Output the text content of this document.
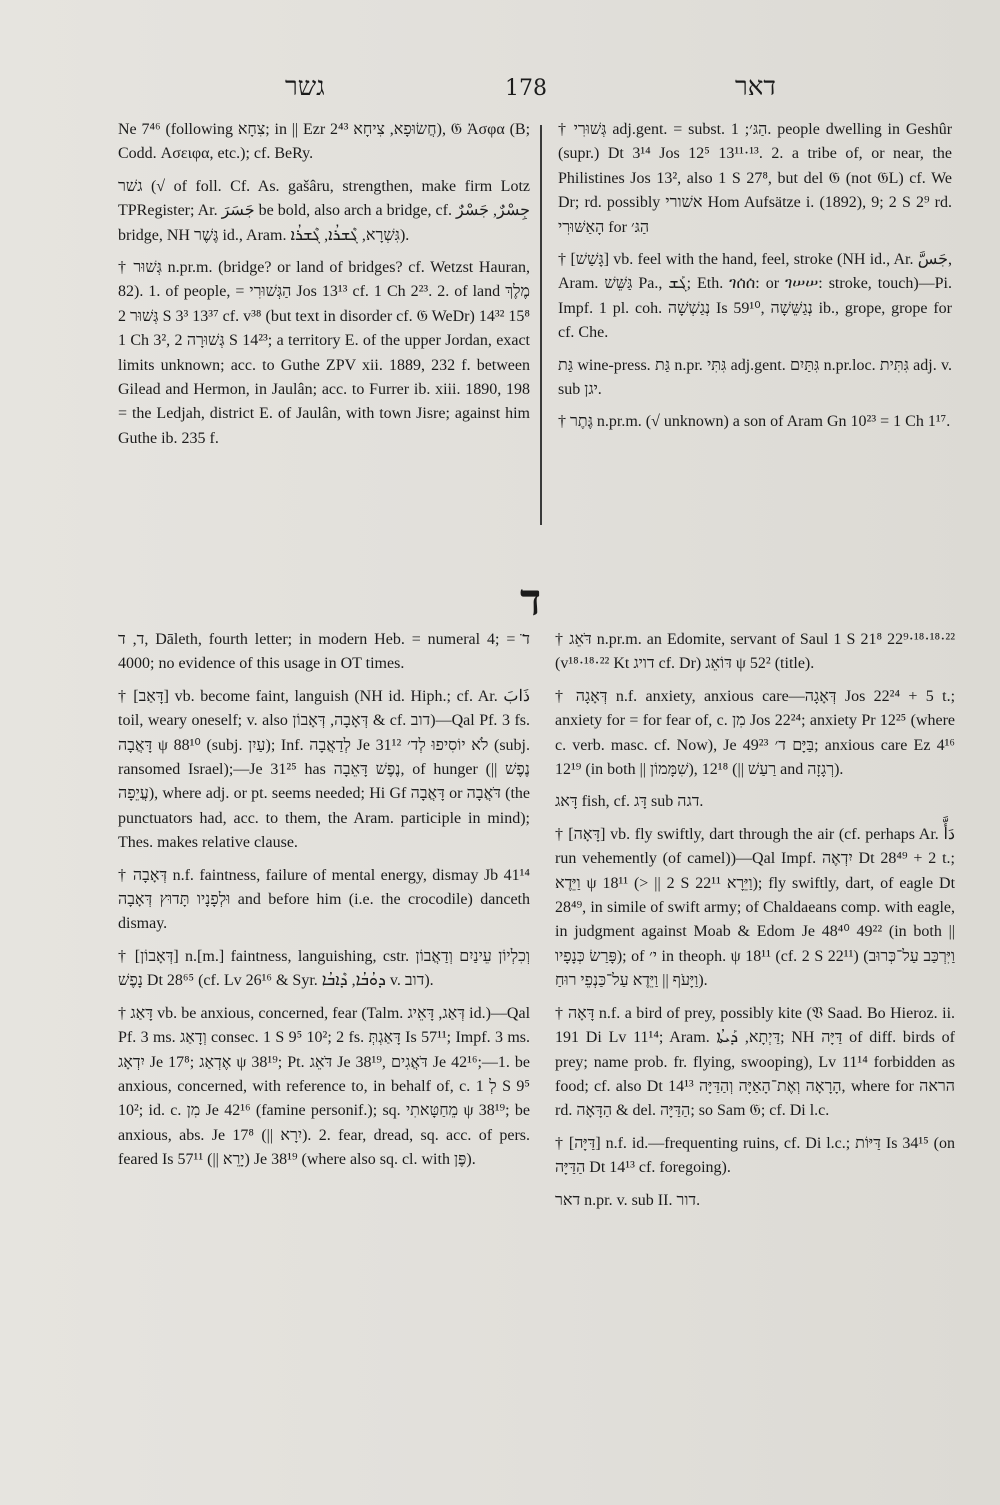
גשר	178	דאר

Ne 7⁴⁶ (following צִחָא; in || Ezr 2⁴³ חֲשׂוּפָא, צִיחָא), 𝔊 Ἀσφα (B; Codd. Ασειφα, etc.); cf. BeRy.

גשׁר (√ of foll. Cf. As. gašâru, strengthen, make firm Lotz TPRegister; Ar. جَسَرَ be bold, also arch a bridge, cf. جِسْرٌ, جَسْرٌ bridge, NH גֶּשֶׁר id., Aram. גִּשְׁרָא, ܓܶܫܪܳܐ, ܓܶܫܪܳܐ).

† גְּשׁוּר n.pr.m. (bridge? or land of bridges? cf. Wetzst Hauran, 82). 1. of people, = הַגְּשׁוּרִי Jos 13¹³ cf. 1 Ch 2²³. 2. of land מֶלֶךְ גְּשׁוּר 2 S 3³ 13³⁷ cf. v³⁸ (but text in disorder cf. 𝔊 WeDr) 14³² 15⁸ 1 Ch 3², גְּשׁוּרָה 2 S 14²³; a territory E. of the upper Jordan, exact limits unknown; acc. to Guthe ZPV xii. 1889, 232 f. between Gilead and Hermon, in Jaulân; acc. to Furrer ib. xiii. 1890, 198 = the Ledjah, district E. of Jaulân, with town Jisre; against him Guthe ib. 235 f.

† גְּשׁוּרִי adj.gent. = subst. הַגּ׳; 1. people dwelling in Geshûr (supr.) Dt 3¹⁴ Jos 12⁵ 13¹¹·¹³. 2. a tribe of, or near, the Philistines Jos 13², also 1 S 27⁸, but del 𝔊 (not 𝔊L) cf. We Dr; rd. possibly אשׁורי Hom Aufsätze i. (1892), 9; 2 S 2⁹ rd. הָאַשּׁוּרִי for הַגּ׳

† [גָּשַׁשׁ] vb. feel with the hand, feel, stroke (NH id., Ar. جَسَّ, Aram. גַּשֵּׁשׁ Pa., ܓܰܫ; Eth. ገሰሰ: or ገሠሠ: stroke, touch)—Pi. Impf. 1 pl. coh. נְגַשְׁשָׁה Is 59¹⁰, נְגַשֵּׁשָׁה ib., grope, grope for cf. Che.

גַּת wine-press. גַּת n.pr. גִּתִּי adj.gent. גִּתַּיִם n.pr.loc. גִּתִּית adj. v. sub יגן.

† גֶּתֶר n.pr.m. (√ unknown) a son of Aram Gn 10²³ = 1 Ch 1¹⁷.

ד

ד, ד, Dāleth, fourth letter; in modern Heb. = numeral 4; ד̈ = 4000; no evidence of this usage in OT times.

† [דָּאַב] vb. become faint, languish (NH id. Hiph.; cf. Ar. ذَابَ toil, weary oneself; v. also דְּאָבָה, דְּאָבוֹן & cf. דוב)—Qal Pf. 3 fs. דָּאֲבָה ψ 88¹⁰ (subj. עַיִן); Inf. לְדַאֲבָה Je 31¹² לֹא יוֹסִיפוּ לְד׳ (subj. ransomed Israel);—Je 31²⁵ has נֶפֶשׁ דָּאֵבָה, of hunger (|| נֶפֶשׁ עֲיֵפָה), where adj. or pt. seems needed; Hi Gf דָּאֲבָה or דֹּאֲבָה (the punctuators had, acc. to them, the Aram. participle in mind); Thes. makes relative clause.

† דְּאָבָה n.f. faintness, failure of mental energy, dismay Jb 41¹⁴ וּלְפָנָיו תָּדוּץ דְּאָבָה and before him (i.e. the crocodile) danceth dismay.

† [דְּאָבוֹן] n.[m.] faintness, languishing, cstr. וְכִלְיוֹן עֵינַיִם וְדַאֲבוֹן נָפֶשׁ Dt 28⁶⁵ (cf. Lv 26¹⁶ & Syr. ܕܘܳܒܳܐ, ܕܶܐܒܳܐ v. דוב).

† דָּאַג vb. be anxious, concerned, fear (Talm. דְּאַג, דָּאֵיג id.)—Qal Pf. 3 ms. וְדָאַג consec. 1 S 9⁵ 10²; 2 fs. דָּאַגְתְּ Is 57¹¹; Impf. 3 ms. יִדְאָג Je 17⁸; אֶדְאַג ψ 38¹⁹; Pt. דֹּאֵג Je 38¹⁹, דֹּאֲגִים Je 42¹⁶;—1. be anxious, concerned, with reference to, in behalf of, c. לְ 1 S 9⁵ 10²; id. c. מִן Je 42¹⁶ (famine personif.); sq. מֵחַטָּאתִי ψ 38¹⁹; be anxious, abs. Je 17⁸ (|| יִרָא). 2. fear, dread, sq. acc. of pers. feared Is 57¹¹ (|| יָרֵא) Je 38¹⁹ (where also sq. cl. with פֶּן).

† דֹּאֵג n.pr.m. an Edomite, servant of Saul 1 S 21⁸ 22⁹·¹⁸·¹⁸·²² (v¹⁸·¹⁸·²² Kt דויג cf. Dr) דּוֹאֵג ψ 52² (title).

† דְּאָגָה n.f. anxiety, anxious care—דְּאָגָה Jos 22²⁴ + 5 t.; anxiety for = for fear of, c. מִן Jos 22²⁴; anxiety Pr 12²⁵ (where c. verb. masc. cf. Now), Je 49²³ בַּיָּם ד׳; anxious care Ez 4¹⁶ 12¹⁹ (in both || שִׁמָּמוֹן), 12¹⁸ (|| רַעַשׁ and רְגָזָה).

דָּאג fish, cf. דָּג sub דגה.

† [דָּאָה] vb. fly swiftly, dart through the air (cf. perhaps Ar. دَأَّ run vehemently (of camel))—Qal Impf. יִדְאֶה Dt 28⁴⁹ + 2 t.; וַיֵּדֶא ψ 18¹¹ (> || 2 S 22¹¹ וַיֵּרָא); fly swiftly, dart, of eagle Dt 28⁴⁹, in simile of swift army; of Chaldaeans comp. with eagle, in judgment against Moab & Edom Je 48⁴⁰ 49²² (in both || פָּרַשׂ כְּנָפָיו); of י׳ in theoph. ψ 18¹¹ (cf. 2 S 22¹¹) (וַיִּרְכַּב עַל־כְּרוּב וַיָּעֹף || וַיֵּדֶא עַל־כַּנְפֵי רוּחַ).

† דָּאָה n.f. a bird of prey, possibly kite (𝔙 Saad. Bo Hieroz. ii. 191 Di Lv 11¹⁴; Aram. דַּיְתָא, ܕܰܝܬܳܐ; NH דַּיָּה of diff. birds of prey; name prob. fr. flying, swooping), Lv 11¹⁴ forbidden as food; cf. also Dt 14¹³ הָרָאָה וְאֶת־הָאַיָּה וְהַדַּיָּה, where for הראה rd. הַדָּאָה & del. הַדַּיָּה; so Sam 𝔊; cf. Di l.c.

† [דַּיָּה] n.f. id.—frequenting ruins, cf. Di l.c.; דַּיּוֹת Is 34¹⁵ (on הַדַּיָּה Dt 14¹³ cf. foregoing).

דאר n.pr. v. sub II. דור.
